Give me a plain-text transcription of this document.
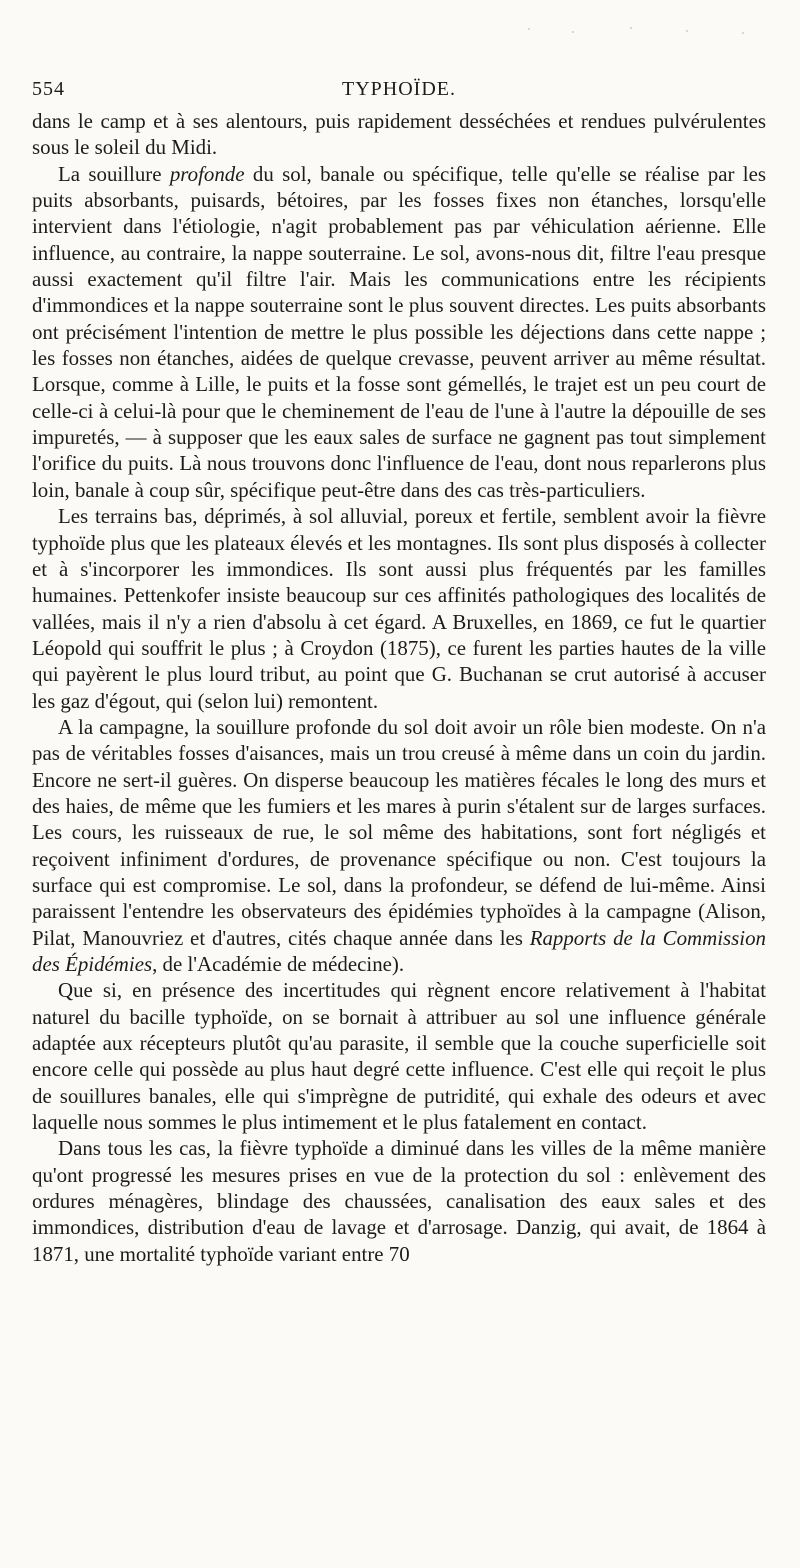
554	TYPHOÏDE.

dans le camp et à ses alentours, puis rapidement desséchées et rendues pulvérulentes sous le soleil du Midi.

La souillure profonde du sol, banale ou spécifique, telle qu'elle se réalise par les puits absorbants, puisards, bétoires, par les fosses fixes non étanches, lorsqu'elle intervient dans l'étiologie, n'agit probablement pas par véhiculation aérienne. Elle influence, au contraire, la nappe souterraine. Le sol, avons-nous dit, filtre l'eau presque aussi exactement qu'il filtre l'air. Mais les communications entre les récipients d'immondices et la nappe souterraine sont le plus souvent directes. Les puits absorbants ont précisément l'intention de mettre le plus possible les déjections dans cette nappe ; les fosses non étanches, aidées de quelque crevasse, peuvent arriver au même résultat. Lorsque, comme à Lille, le puits et la fosse sont gémellés, le trajet est un peu court de celle-ci à celui-là pour que le cheminement de l'eau de l'une à l'autre la dépouille de ses impuretés, — à supposer que les eaux sales de surface ne gagnent pas tout simplement l'orifice du puits. Là nous trouvons donc l'influence de l'eau, dont nous reparlerons plus loin, banale à coup sûr, spécifique peut-être dans des cas très-particuliers.

Les terrains bas, déprimés, à sol alluvial, poreux et fertile, semblent avoir la fièvre typhoïde plus que les plateaux élevés et les montagnes. Ils sont plus disposés à collecter et à s'incorporer les immondices. Ils sont aussi plus fréquentés par les familles humaines. Pettenkofer insiste beaucoup sur ces affinités pathologiques des localités de vallées, mais il n'y a rien d'absolu à cet égard. A Bruxelles, en 1869, ce fut le quartier Léopold qui souffrit le plus ; à Croydon (1875), ce furent les parties hautes de la ville qui payèrent le plus lourd tribut, au point que G. Buchanan se crut autorisé à accuser les gaz d'égout, qui (selon lui) remontent.

A la campagne, la souillure profonde du sol doit avoir un rôle bien modeste. On n'a pas de véritables fosses d'aisances, mais un trou creusé à même dans un coin du jardin. Encore ne sert-il guères. On disperse beaucoup les matières fécales le long des murs et des haies, de même que les fumiers et les mares à purin s'étalent sur de larges surfaces. Les cours, les ruisseaux de rue, le sol même des habitations, sont fort négligés et reçoivent infiniment d'ordures, de provenance spécifique ou non. C'est toujours la surface qui est compromise. Le sol, dans la profondeur, se défend de lui-même. Ainsi paraissent l'entendre les observateurs des épidémies typhoïdes à la campagne (Alison, Pilat, Manouvriez et d'autres, cités chaque année dans les Rapports de la Commission des Épidémies, de l'Académie de médecine).

Que si, en présence des incertitudes qui règnent encore relativement à l'habitat naturel du bacille typhoïde, on se bornait à attribuer au sol une influence générale adaptée aux récepteurs plutôt qu'au parasite, il semble que la couche superficielle soit encore celle qui possède au plus haut degré cette influence. C'est elle qui reçoit le plus de souillures banales, elle qui s'imprègne de putridité, qui exhale des odeurs et avec laquelle nous sommes le plus intimement et le plus fatalement en contact.

Dans tous les cas, la fièvre typhoïde a diminué dans les villes de la même manière qu'ont progressé les mesures prises en vue de la protection du sol : enlèvement des ordures ménagères, blindage des chaussées, canalisation des eaux sales et des immondices, distribution d'eau de lavage et d'arrosage. Danzig, qui avait, de 1864 à 1871, une mortalité typhoïde variant entre 70
